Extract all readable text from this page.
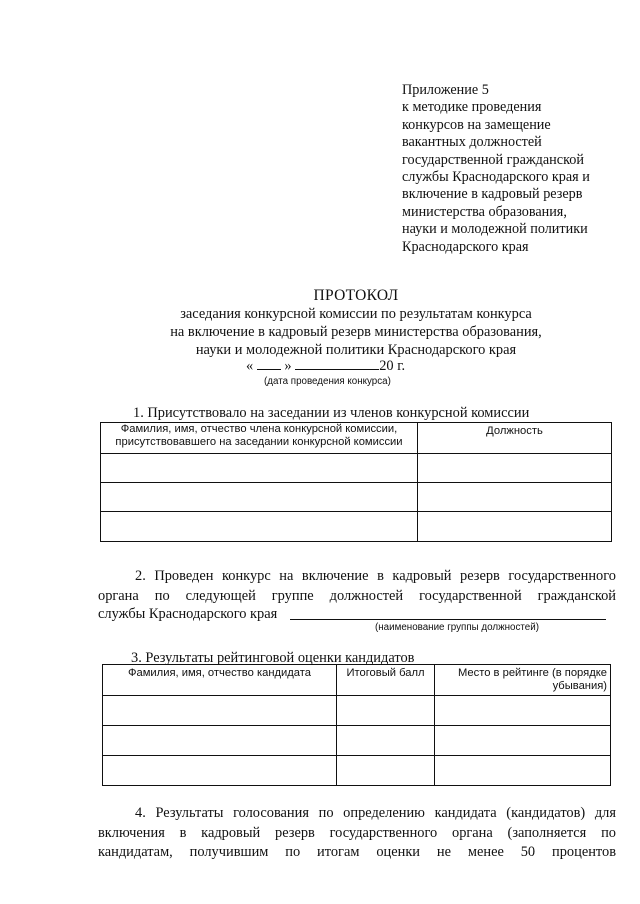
Приложение 5
к методике проведения
конкурсов на замещение
вакантных должностей
государственной гражданской
службы Краснодарского края и
включение в кадровый резерв
министерства образования,
науки и молодежной политики
Краснодарского края
ПРОТОКОЛ
заседания конкурсной комиссии по результатам конкурса
на включение в кадровый резерв министерства образования,
науки и молодежной политики Краснодарского края
« »	20 г.
(дата проведения конкурса)
1. Присутствовало на заседании из членов конкурсной комиссии
Фамилия, имя, отчество члена конкурсной комиссии, присутствовавшего на заседании конкурсной комиссии	Должность

2. Проведен конкурс на включение в кадровый резерв государственного
органа по следующей группе должностей государственной гражданской
службы Краснодарского края
(наименование группы должностей)
3. Результаты рейтинговой оценки кандидатов
Фамилия, имя, отчество кандидата	Итоговый балл	Место в рейтинге (в порядке убывания)

4. Результаты голосования по определению кандидата (кандидатов) для
включения в кадровый резерв государственного органа (заполняется по
кандидатам, получившим по итогам оценки не менее 50 процентов
